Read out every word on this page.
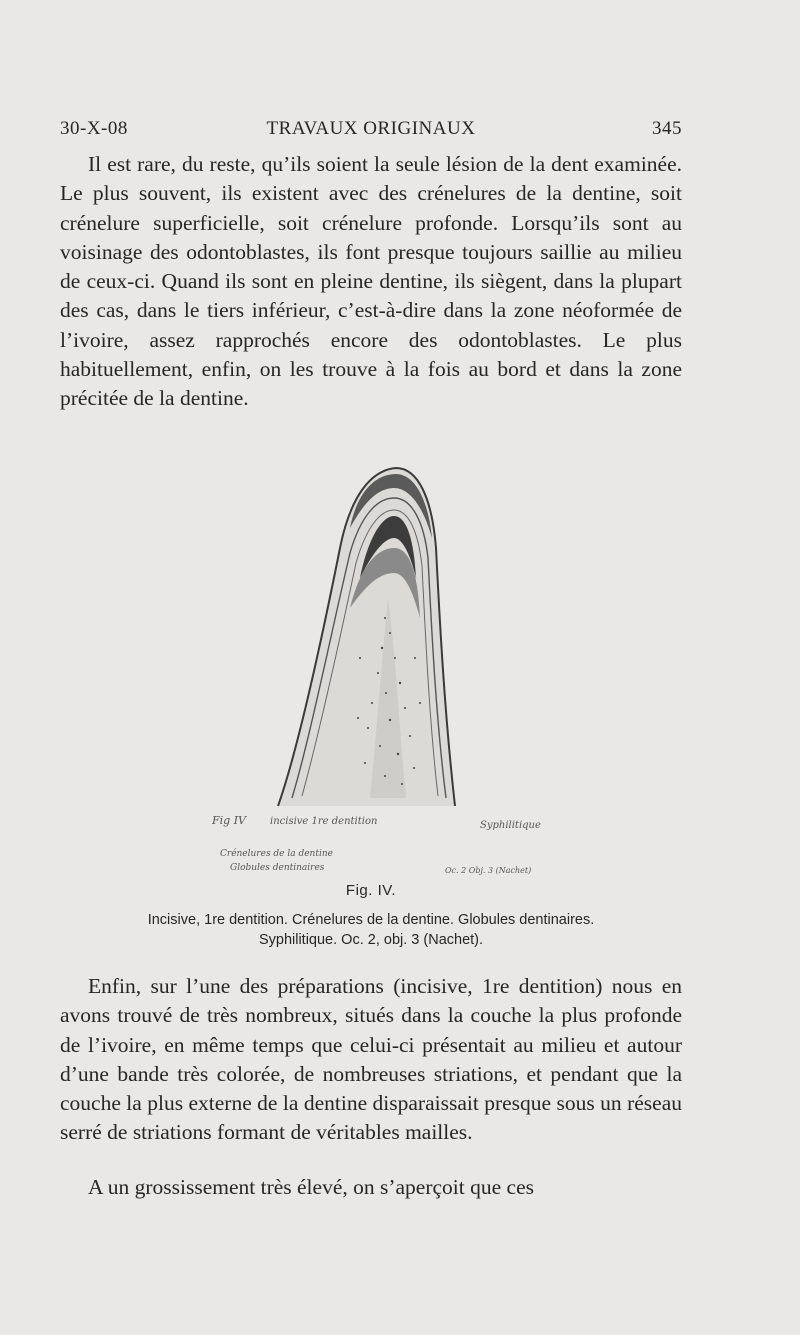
TRAVAUX ORIGINAUX
30-X-08	345

Il est rare, du reste, qu’ils soient la seule lésion de la dent examinée. Le plus souvent, ils existent avec des crénelures de la dentine, soit crénelure superficielle, soit crénelure profonde. Lorsqu’ils sont au voisinage des odontoblastes, ils font presque toujours saillie au milieu de ceux-ci. Quand ils sont en pleine dentine, ils siègent, dans la plupart des cas, dans le tiers inférieur, c’est-à-dire dans la zone néoformée de l’ivoire, assez rapprochés encore des odontoblastes. Le plus habituellement, enfin, on les trouve à la fois au bord et dans la zone précitée de la dentine.

Fig IV incisive 1re dentition	Syphilitique
Crénelures de la dentine
Globules dentinaires	Oc. 2 Obj. 3 (Nachet)
Fig. IV.
Incisive, 1re dentition. Crénelures de la dentine. Globules dentinaires.
Syphilitique. Oc. 2, obj. 3 (Nachet).

Enfin, sur l’une des préparations (incisive, 1re dentition) nous en avons trouvé de très nombreux, situés dans la couche la plus profonde de l’ivoire, en même temps que celui-ci présentait au milieu et autour d’une bande très colorée, de nombreuses striations, et pendant que la couche la plus externe de la dentine disparaissait presque sous un réseau serré de striations formant de véritables mailles.

A un grossissement très élevé, on s’aperçoit que ces
